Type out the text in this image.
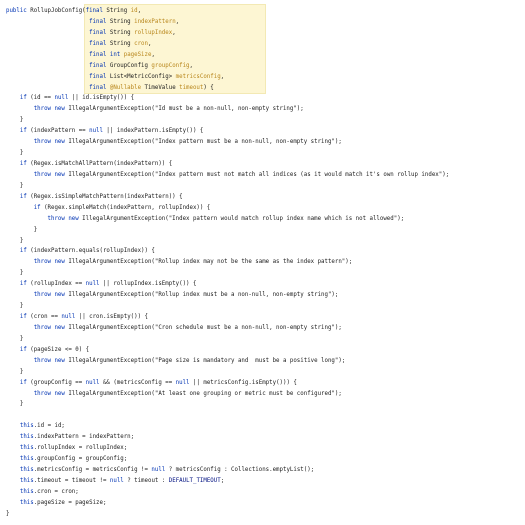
public RollupJobConfig(final String id,
final String indexPattern,
final String rollupIndex,
final String cron,
final int pageSize,
final GroupConfig groupConfig,
final List<MetricConfig> metricsConfig,
final @Nullable TimeValue timeout) {
if (id == null || id.isEmpty()) {
throw new IllegalArgumentException("Id must be a non-null, non-empty string");
}
if (indexPattern == null || indexPattern.isEmpty()) {
throw new IllegalArgumentException("Index pattern must be a non-null, non-empty string");
}
if (Regex.isMatchAllPattern(indexPattern)) {
throw new IllegalArgumentException("Index pattern must not match all indices (as it would match it's own rollup index");
}
if (Regex.isSimpleMatchPattern(indexPattern)) {
if (Regex.simpleMatch(indexPattern, rollupIndex)) {
throw new IllegalArgumentException("Index pattern would match rollup index name which is not allowed");
}
}
if (indexPattern.equals(rollupIndex)) {
throw new IllegalArgumentException("Rollup index may not be the same as the index pattern");
}
if (rollupIndex == null || rollupIndex.isEmpty()) {
throw new IllegalArgumentException("Rollup index must be a non-null, non-empty string");
}
if (cron == null || cron.isEmpty()) {
throw new IllegalArgumentException("Cron schedule must be a non-null, non-empty string");
}
if (pageSize <= 0) {
throw new IllegalArgumentException("Page size is mandatory and  must be a positive long");
}
if (groupConfig == null && (metricsConfig == null || metricsConfig.isEmpty())) {
throw new IllegalArgumentException("At least one grouping or metric must be configured");
}
this.id = id;
this.indexPattern = indexPattern;
this.rollupIndex = rollupIndex;
this.groupConfig = groupConfig;
this.metricsConfig = metricsConfig != null ? metricsConfig : Collections.emptyList();
this.timeout = timeout != null ? timeout : DEFAULT_TIMEOUT;
this.cron = cron;
this.pageSize = pageSize;
}
